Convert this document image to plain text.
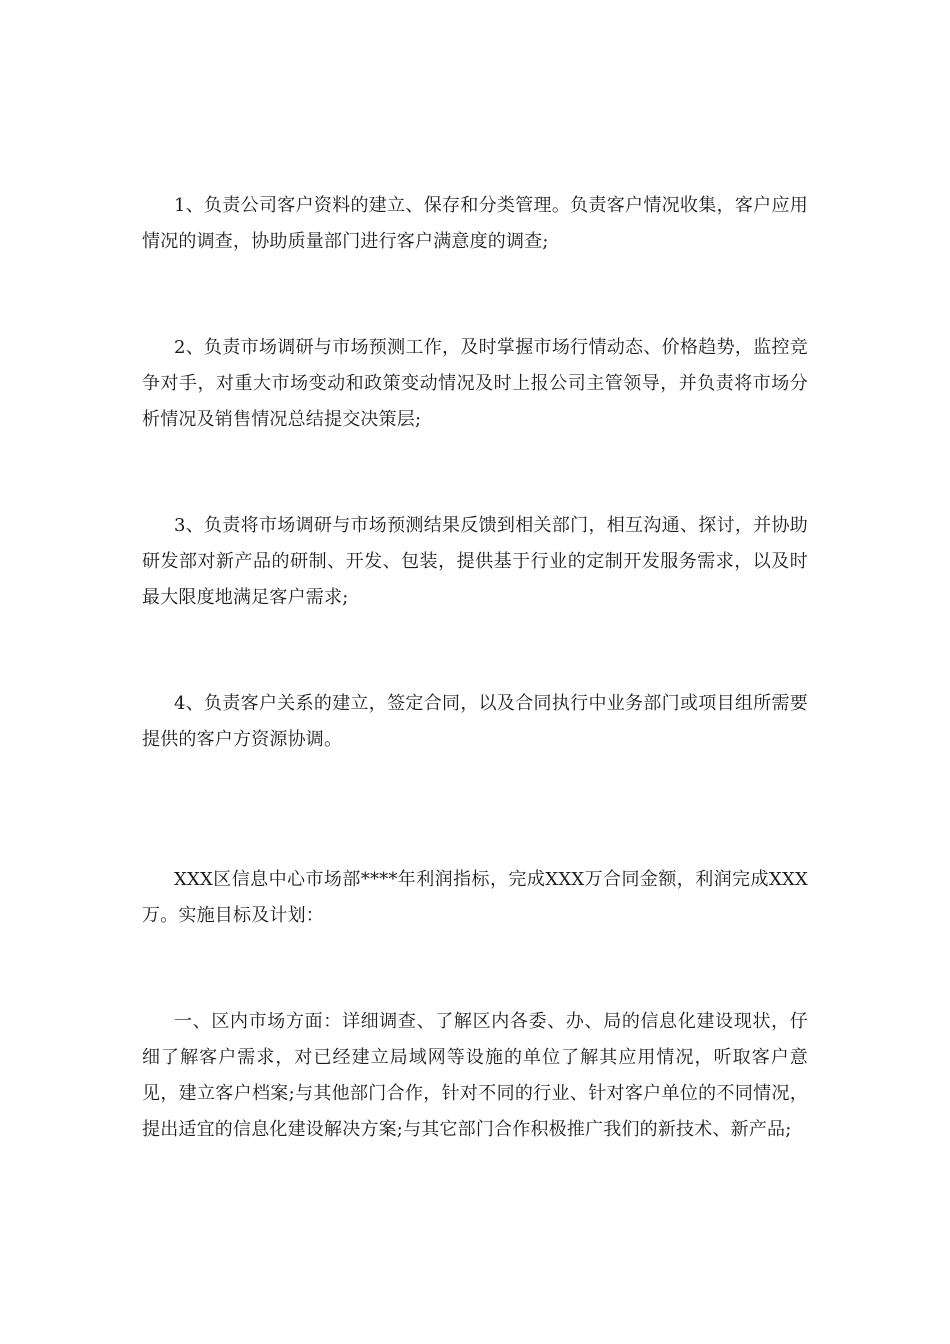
1、负责公司客户资料的建立、保存和分类管理。负责客户情况收集，客户应用情况的调查，协助质量部门进行客户满意度的调查;

2、负责市场调研与市场预测工作，及时掌握市场行情动态、价格趋势，监控竞争对手，对重大市场变动和政策变动情况及时上报公司主管领导，并负责将市场分析情况及销售情况总结提交决策层;

3、负责将市场调研与市场预测结果反馈到相关部门，相互沟通、探讨，并协助研发部对新产品的研制、开发、包装，提供基于行业的定制开发服务需求，以及时最大限度地满足客户需求;

4、负责客户关系的建立，签定合同，以及合同执行中业务部门或项目组所需要提供的客户方资源协调。

XXX区信息中心市场部****年利润指标，完成XXX万合同金额，利润完成XXX万。实施目标及计划：

一、区内市场方面：详细调查、了解区内各委、办、局的信息化建设现状，仔细了解客户需求，对已经建立局域网等设施的单位了解其应用情况，听取客户意见，建立客户档案;与其他部门合作，针对不同的行业、针对客户单位的不同情况，提出适宜的信息化建设解决方案;与其它部门合作积极推广我们的新技术、新产品;
